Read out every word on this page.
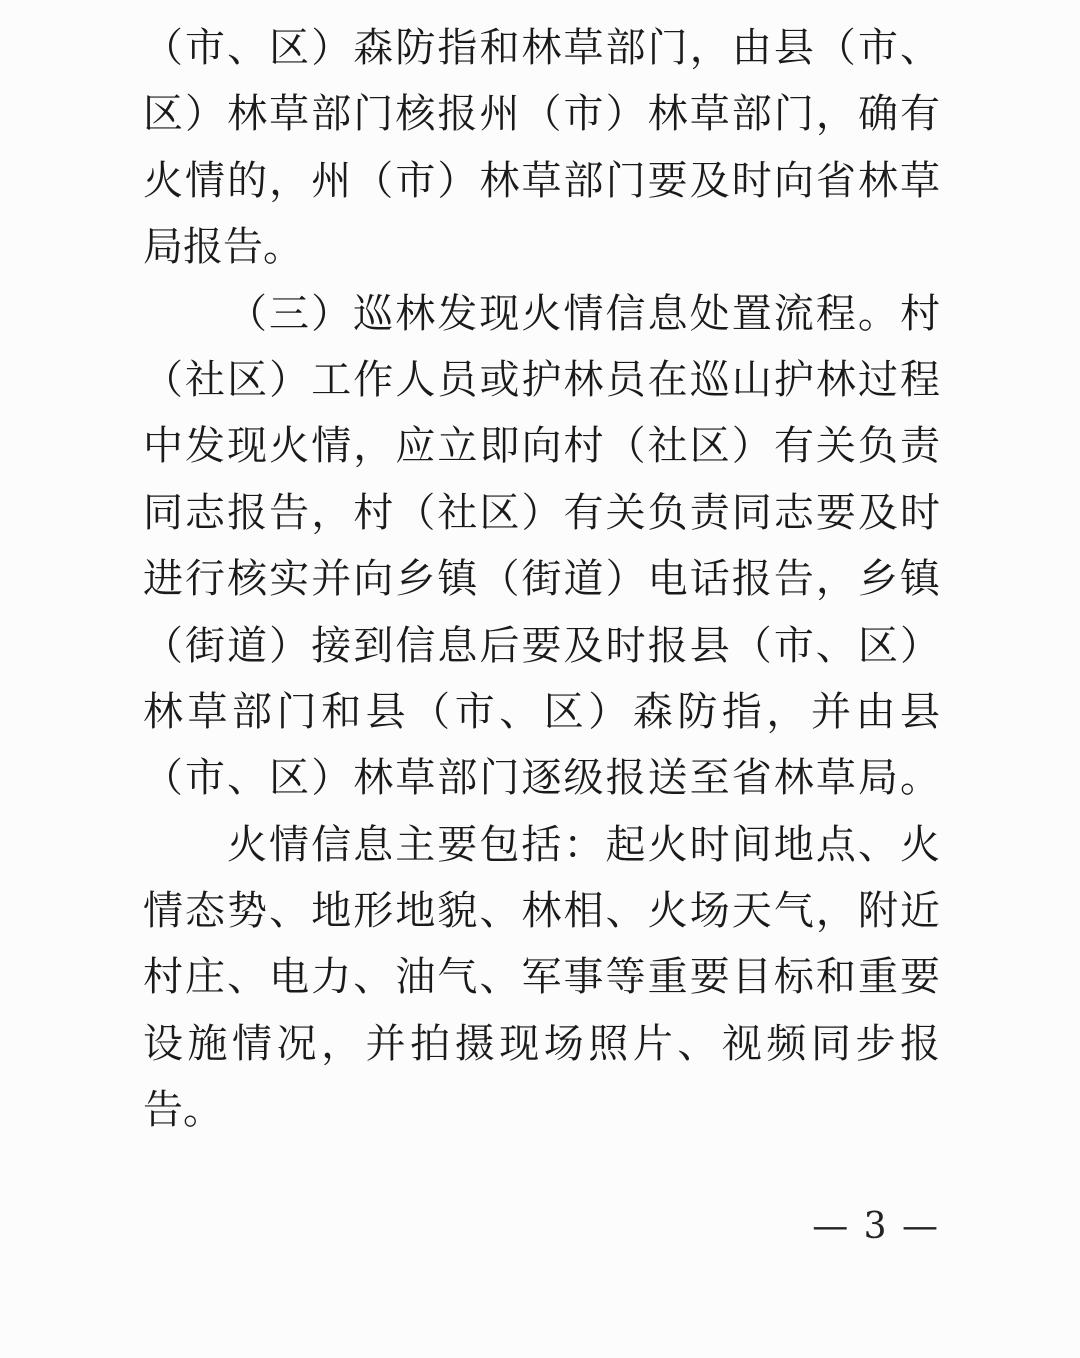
（市、区）森防指和林草部门，由县（市、
区）林草部门核报州（市）林草部门，确有
火情的，州（市）林草部门要及时向省林草
局报告。
（三）巡林发现火情信息处置流程。村
（社区）工作人员或护林员在巡山护林过程
中发现火情，应立即向村（社区）有关负责
同志报告，村（社区）有关负责同志要及时
进行核实并向乡镇（街道）电话报告，乡镇
（街道）接到信息后要及时报县（市、区）
林草部门和县（市、区）森防指，并由县
（市、区）林草部门逐级报送至省林草局。
火情信息主要包括：起火时间地点、火
情态势、地形地貌、林相、火场天气，附近
村庄、电力、油气、军事等重要目标和重要
设施情况，并拍摄现场照片、视频同步报
告。
— 3 —
